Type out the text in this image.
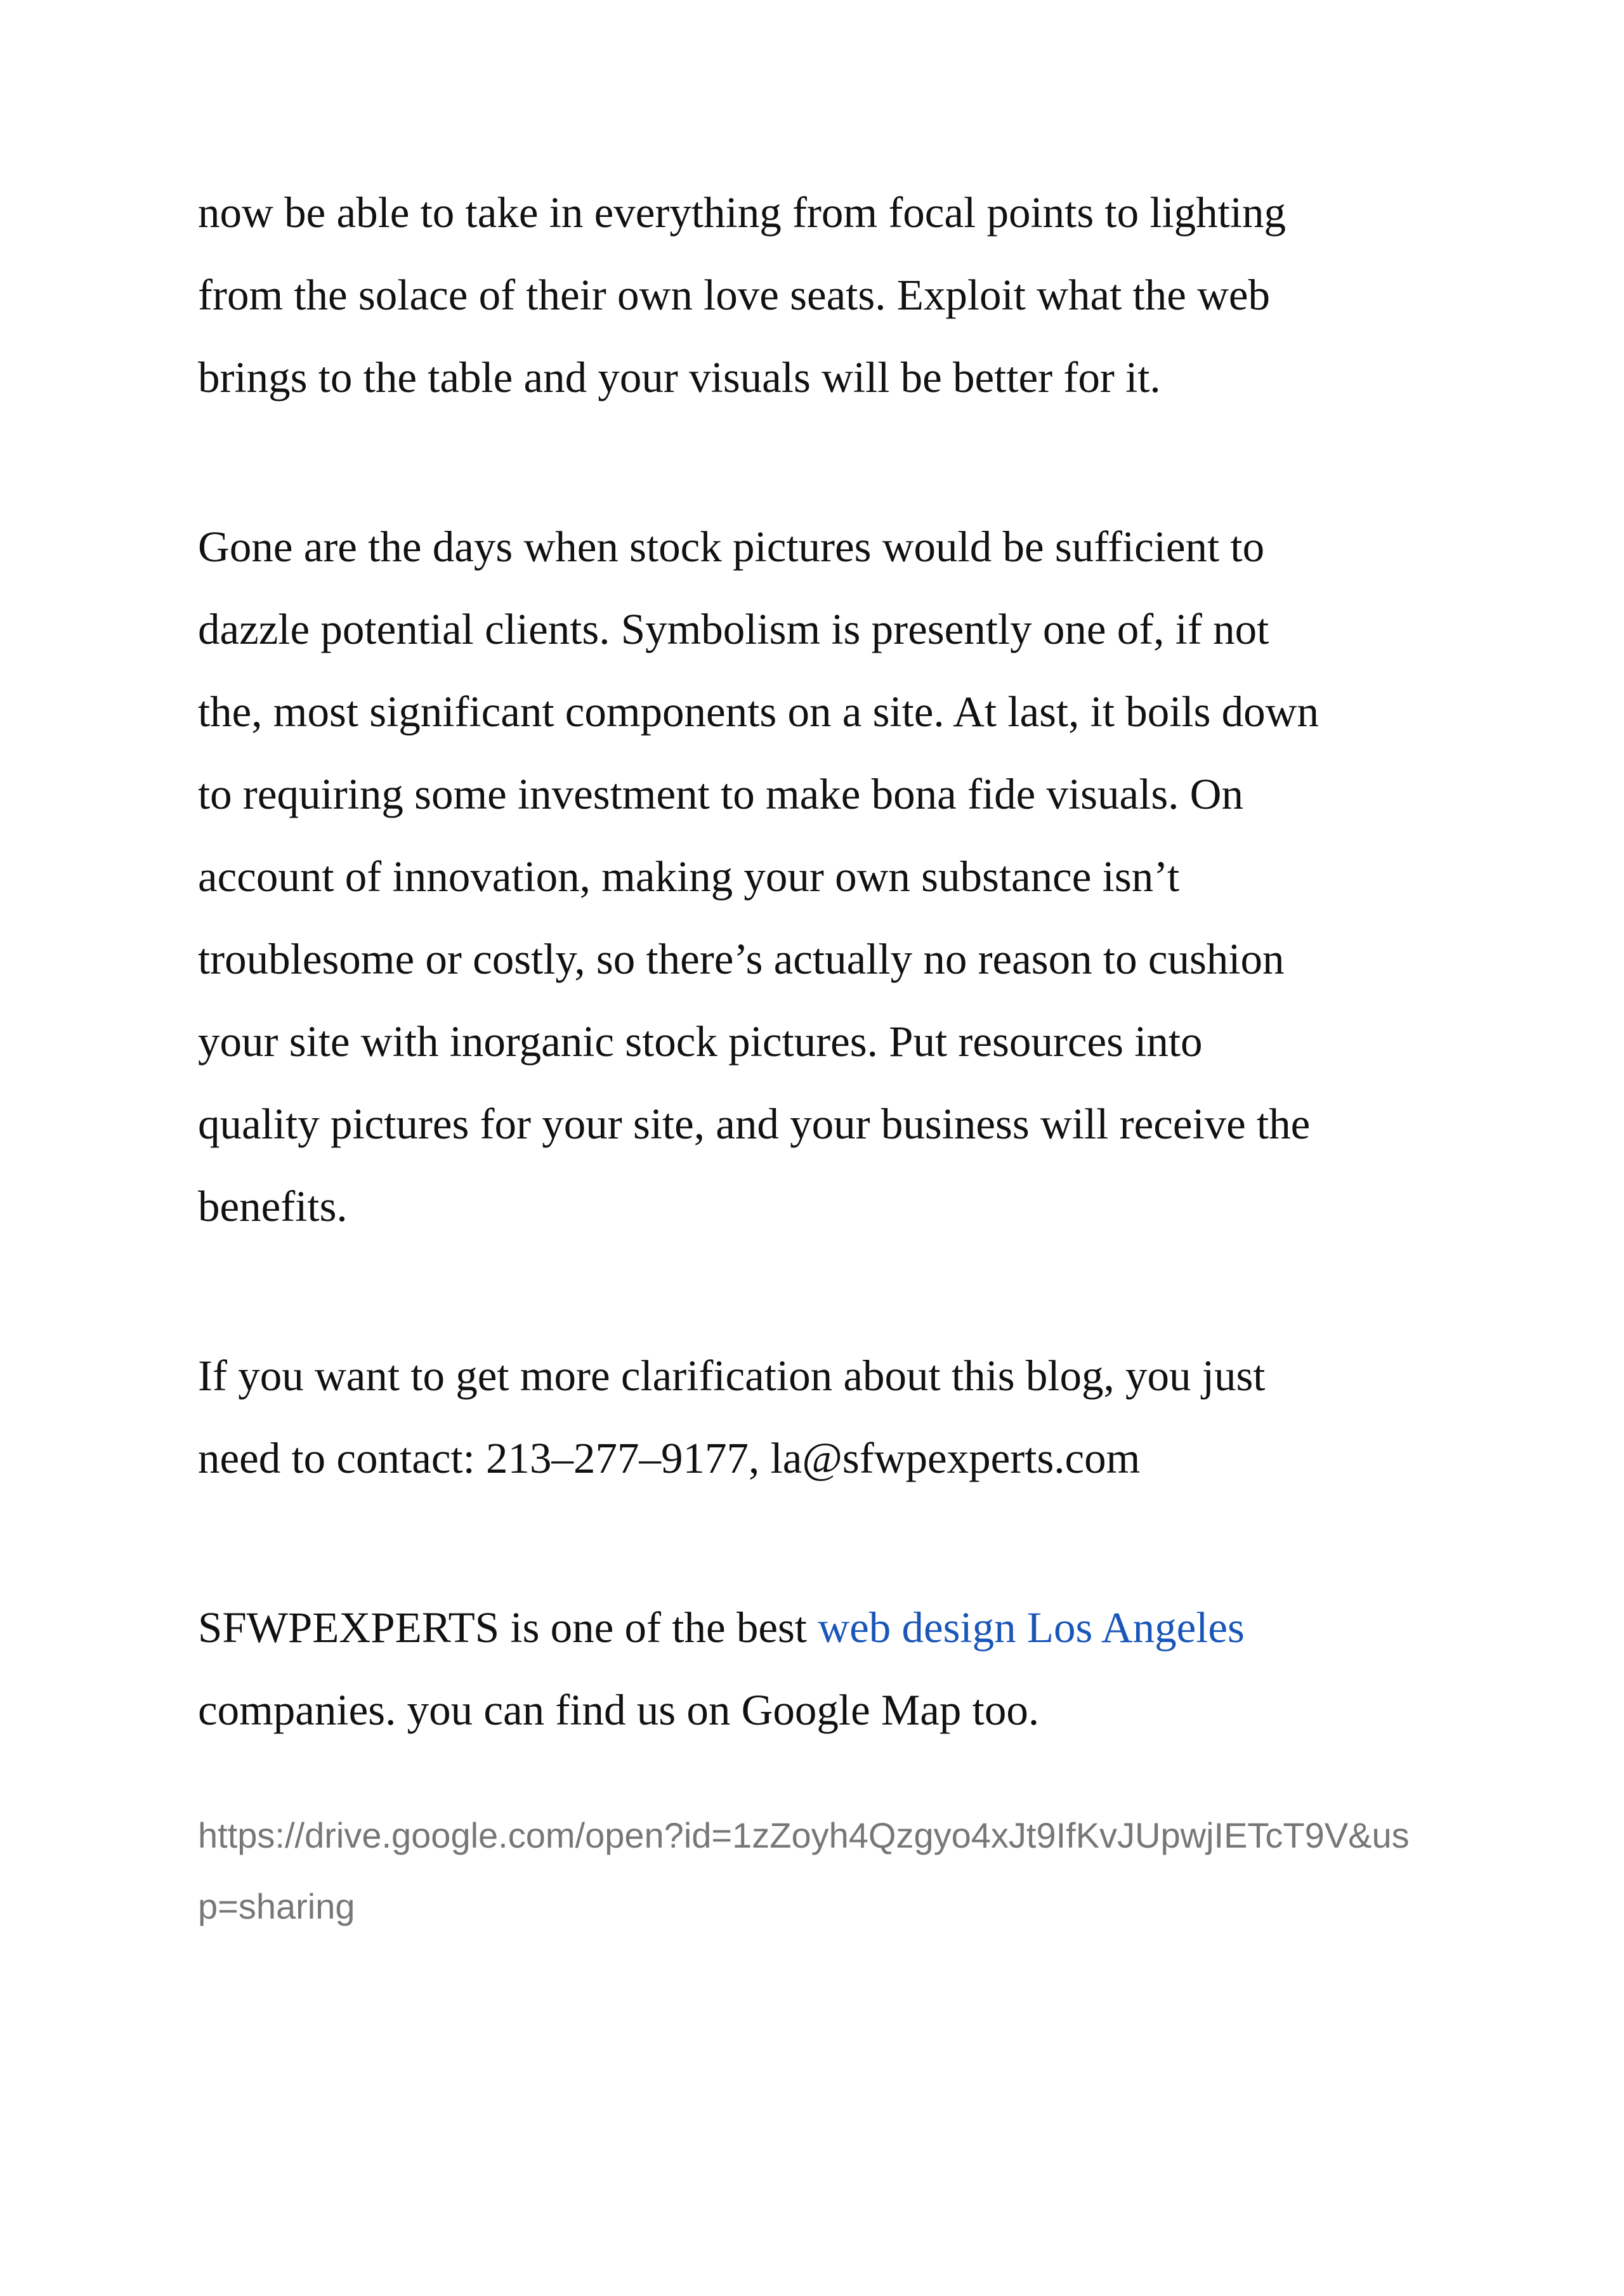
now be able to take in everything from focal points to lighting
from the solace of their own love seats. Exploit what the web
brings to the table and your visuals will be better for it.

Gone are the days when stock pictures would be sufficient to
dazzle potential clients. Symbolism is presently one of, if not
the, most significant components on a site. At last, it boils down
to requiring some investment to make bona fide visuals. On
account of innovation, making your own substance isn’t
troublesome or costly, so there’s actually no reason to cushion
your site with inorganic stock pictures. Put resources into
quality pictures for your site, and your business will receive the
benefits.

If you want to get more clarification about this blog, you just
need to contact: 213–277–9177, la@sfwpexperts.com

SFWPEXPERTS is one of the best web design Los Angeles
companies. you can find us on Google Map too.

https://drive.google.com/open?id=1zZoyh4Qzgyo4xJt9IfKvJUpwjIETcT9V&us
p=sharing
